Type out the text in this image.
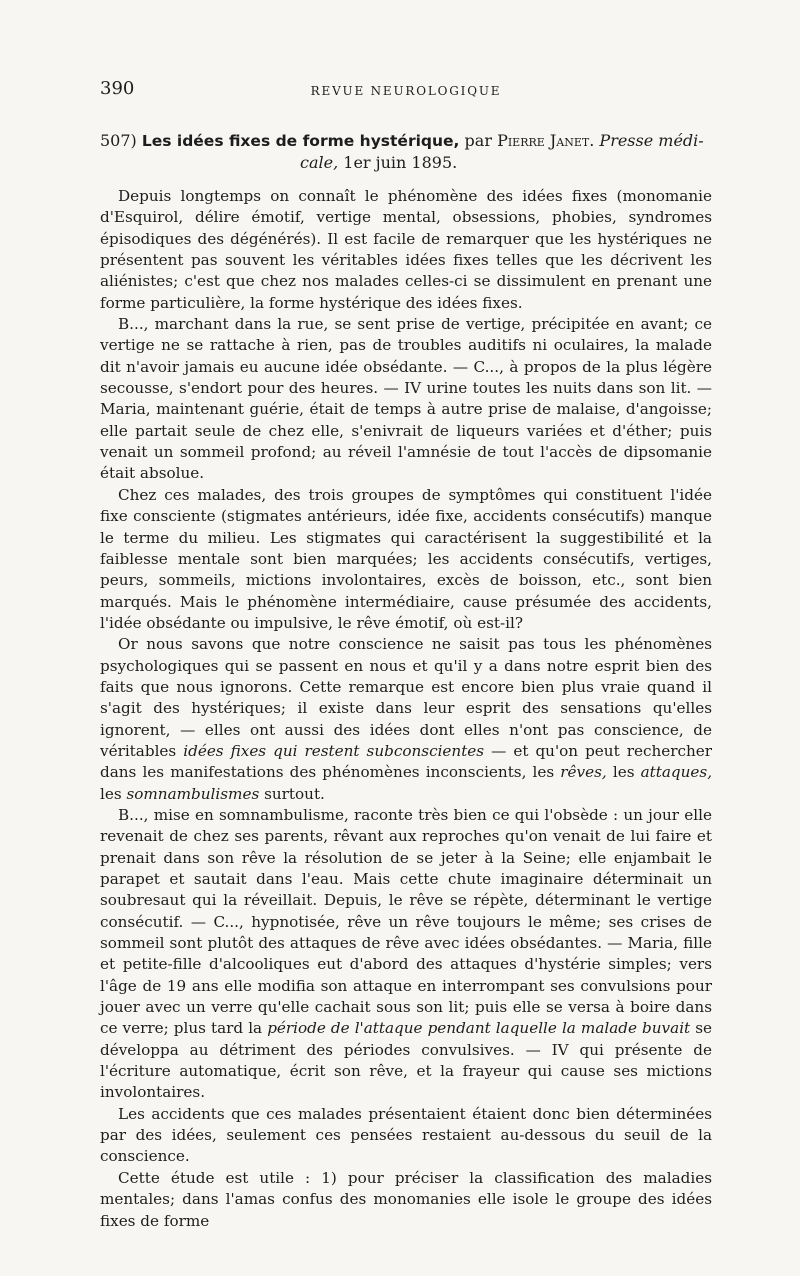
390	REVUE NEUROLOGIQUE
507) Les idées fixes de forme hystérique, par Pierre Janet. Presse médi-
cale, 1er juin 1895.

Depuis longtemps on connaît le phénomène des idées fixes (monomanie d'Esquirol, délire émotif, vertige mental, obsessions, phobies, syndromes épisodiques des dégénérés). Il est facile de remarquer que les hystériques ne présentent pas souvent les véritables idées fixes telles que les décrivent les aliénistes; c'est que chez nos malades celles-ci se dissimulent en prenant une forme particulière, la forme hystérique des idées fixes.

B..., marchant dans la rue, se sent prise de vertige, précipitée en avant; ce vertige ne se rattache à rien, pas de troubles auditifs ni oculaires, la malade dit n'avoir jamais eu aucune idée obsédante. — C..., à propos de la plus légère secousse, s'endort pour des heures. — IV urine toutes les nuits dans son lit. — Maria, maintenant guérie, était de temps à autre prise de malaise, d'angoisse; elle partait seule de chez elle, s'enivrait de liqueurs variées et d'éther; puis venait un sommeil profond; au réveil l'amnésie de tout l'accès de dipsomanie était absolue.

Chez ces malades, des trois groupes de symptômes qui constituent l'idée fixe consciente (stigmates antérieurs, idée fixe, accidents consécutifs) manque le terme du milieu. Les stigmates qui caractérisent la suggestibilité et la faiblesse mentale sont bien marquées; les accidents consécutifs, vertiges, peurs, sommeils, mictions involontaires, excès de boisson, etc., sont bien marqués. Mais le phénomène intermédiaire, cause présumée des accidents, l'idée obsédante ou impulsive, le rêve émotif, où est-il?

Or nous savons que notre conscience ne saisit pas tous les phénomènes psychologiques qui se passent en nous et qu'il y a dans notre esprit bien des faits que nous ignorons. Cette remarque est encore bien plus vraie quand il s'agit des hystériques; il existe dans leur esprit des sensations qu'elles ignorent, — elles ont aussi des idées dont elles n'ont pas conscience, de véritables idées fixes qui restent subconscientes — et qu'on peut rechercher dans les manifestations des phénomènes inconscients, les rêves, les attaques, les somnambulismes surtout.

B..., mise en somnambulisme, raconte très bien ce qui l'obsède : un jour elle revenait de chez ses parents, rêvant aux reproches qu'on venait de lui faire et prenait dans son rêve la résolution de se jeter à la Seine; elle enjambait le parapet et sautait dans l'eau. Mais cette chute imaginaire déterminait un soubresaut qui la réveillait. Depuis, le rêve se répète, déterminant le vertige consécutif. — C..., hypnotisée, rêve un rêve toujours le même; ses crises de sommeil sont plutôt des attaques de rêve avec idées obsédantes. — Maria, fille et petite-fille d'alcooliques eut d'abord des attaques d'hystérie simples; vers l'âge de 19 ans elle modifia son attaque en interrompant ses convulsions pour jouer avec un verre qu'elle cachait sous son lit; puis elle se versa à boire dans ce verre; plus tard la période de l'attaque pendant laquelle la malade buvait se développa au détriment des périodes convulsives. — IV qui présente de l'écriture automatique, écrit son rêve, et la frayeur qui cause ses mictions involontaires.

Les accidents que ces malades présentaient étaient donc bien déterminées par des idées, seulement ces pensées restaient au-dessous du seuil de la conscience.

Cette étude est utile : 1) pour préciser la classification des maladies mentales; dans l'amas confus des monomanies elle isole le groupe des idées fixes de forme
